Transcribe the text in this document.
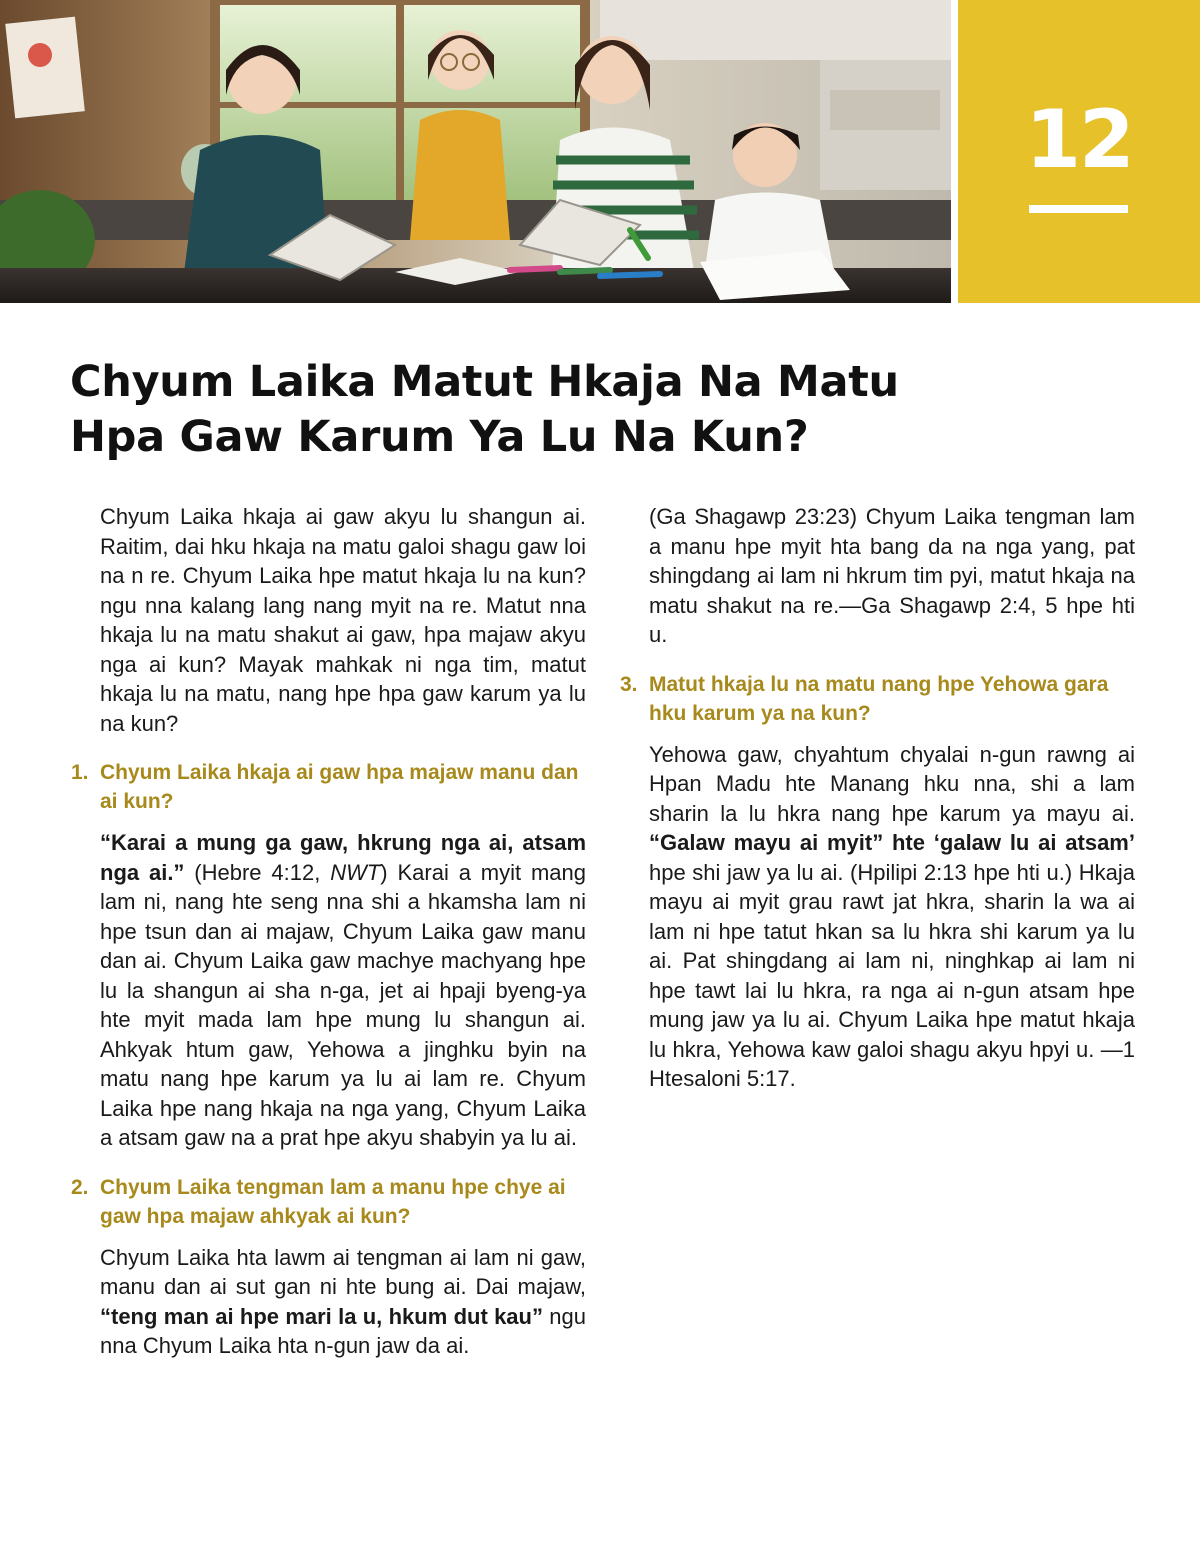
12
Chyum Laika Matut Hkaja Na Matu
Hpa Gaw Karum Ya Lu Na Kun?

Chyum Laika hkaja ai gaw akyu lu shangun ai. Raitim, dai hku hkaja na matu galoi shagu gaw loi na n re. Chyum Laika hpe matut hkaja lu na kun? ngu nna kalang lang nang myit na re. Matut nna hkaja lu na matu shakut ai gaw, hpa majaw akyu nga ai kun? Mayak mahkak ni nga tim, matut hkaja lu na matu, nang hpe hpa gaw karum ya lu na kun?

1. Chyum Laika hkaja ai gaw hpa majaw manu dan ai kun?

“Karai a mung ga gaw, hkrung nga ai, atsam nga ai.” (Hebre 4:12, NWT) Karai a myit mang lam ni, nang hte seng nna shi a hkamsha lam ni hpe tsun dan ai majaw, Chyum Laika gaw manu dan ai. Chyum Laika gaw machye machyang hpe lu la shangun ai sha n-ga, jet ai hpaji byeng-ya hte myit mada lam hpe mung lu shangun ai. Ahkyak htum gaw, Yehowa a jinghku byin na matu nang hpe karum ya lu ai lam re. Chyum Laika hpe nang hkaja na nga yang, Chyum Laika a atsam gaw na a prat hpe akyu shabyin ya lu ai.

2. Chyum Laika tengman lam a manu hpe chye ai gaw hpa majaw ahkyak ai kun?

Chyum Laika hta lawm ai tengman ai lam ni gaw, manu dan ai sut gan ni hte bung ai. Dai majaw, “teng man ai hpe mari la u, hkum dut kau” ngu nna Chyum Laika hta n-gun jaw da ai.

(Ga Shagawp 23:23) Chyum Laika tengman lam a manu hpe myit hta bang da na nga yang, pat shingdang ai lam ni hkrum tim pyi, matut hkaja na matu shakut na re.—Ga Shagawp 2:4, 5 hpe hti u.

3. Matut hkaja lu na matu nang hpe Yehowa gara hku karum ya na kun?

Yehowa gaw, chyahtum chyalai n-gun rawng ai Hpan Madu hte Manang hku nna, shi a lam sharin la lu hkra nang hpe karum ya mayu ai. “Galaw mayu ai myit” hte ‘galaw lu ai atsam’ hpe shi jaw ya lu ai. (Hpilipi 2:13 hpe hti u.) Hkaja mayu ai myit grau rawt jat hkra, sharin la wa ai lam ni hpe tatut hkan sa lu hkra shi karum ya lu ai. Pat shingdang ai lam ni, ninghkap ai lam ni hpe tawt lai lu hkra, ra nga ai n-gun atsam hpe mung jaw ya lu ai. Chyum Laika hpe matut hkaja lu hkra, Yehowa kaw galoi shagu akyu hpyi u. —1 Htesaloni 5:17.
